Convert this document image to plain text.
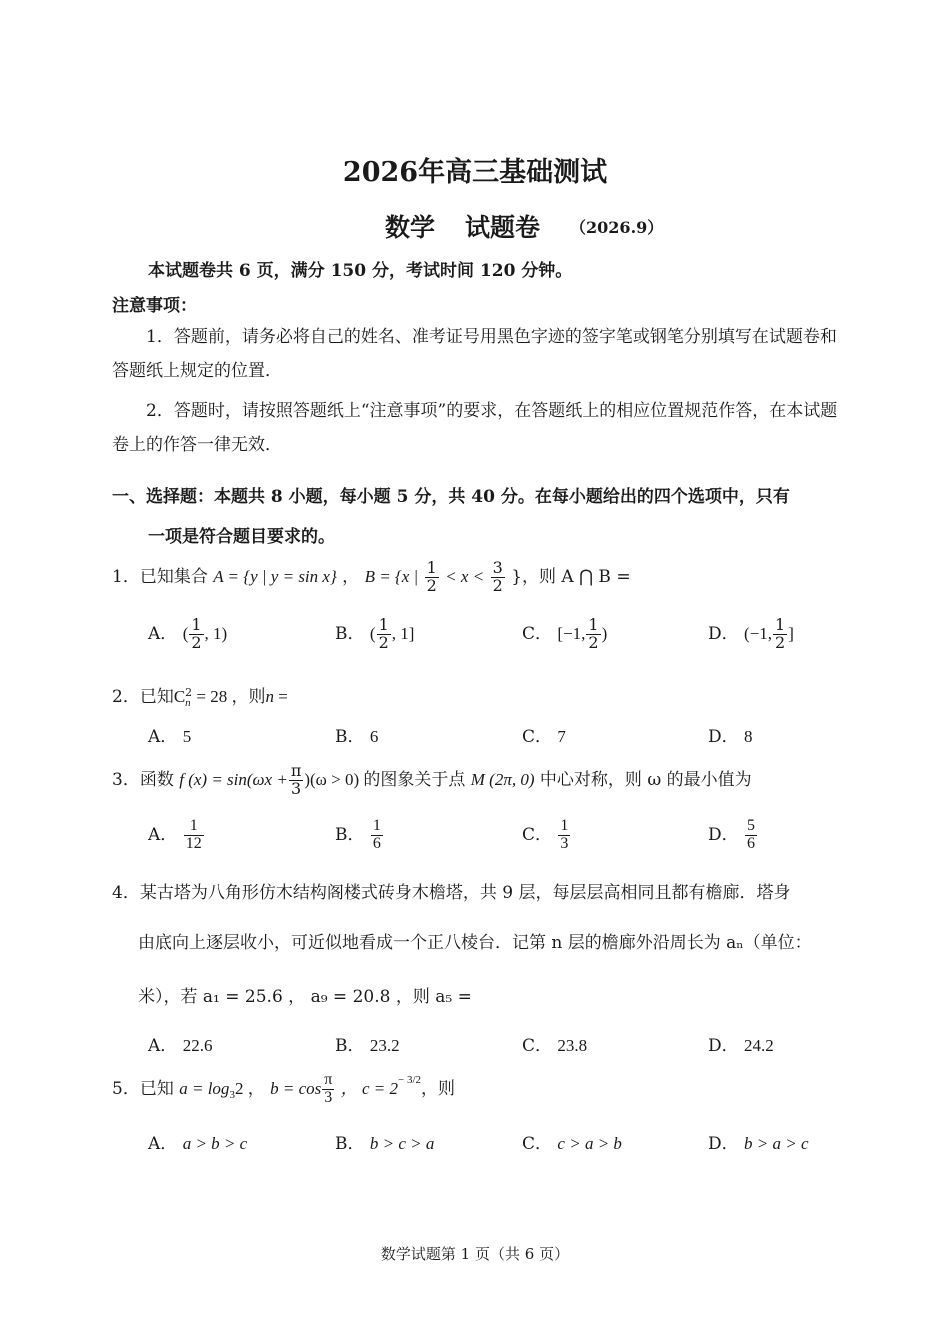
2026年高三基础测试
数学 试题卷 （2026.9）
本试题卷共 6 页，满分 150 分，考试时间 120 分钟。
注意事项：
1．答题前，请务必将自己的姓名、准考证号用黑色字迹的签字笔或钢笔分别填写在试题卷和答题纸上规定的位置．
2．答题时，请按照答题纸上“注意事项”的要求，在答题纸上的相应位置规范作答，在本试题卷上的作答一律无效．
一、选择题：本题共 8 小题，每小题 5 分，共 40 分。在每小题给出的四个选项中，只有
一项是符合题目要求的。
1．已知集合 A = {y | y = sin x} ， B = {x | $\frac{1}{2} < x < \frac{3}{2}$ }，则 A ⋂ B =
A． ( $\frac{1}{2}$ , 1)	B． ( $\frac{1}{2}$ , 1]	C． [−1, $\frac{1}{2}$ )	D． (−1, $\frac{1}{2}$ ]
2．已知C 2
n = 28 ，则n =
A． 5	B． 6	C． 7	D． 8
3．函数 f $(x) = \sin(\omega x + \frac{\pi}{3} )(\omega > 0)$ 的图象关于点 M (2π, 0) 中心对称，则 ω 的最小值为
A． $\frac{1}{12}$	B． $\frac{1}{6}$	C． $\frac{1}{3}$	D． $\frac{5}{6}$
4．某古塔为八角形仿木结构阁楼式砖身木檐塔，共 9 层，每层层高相同且都有檐廊．塔身
由底向上逐层收小，可近似地看成一个正八棱台．记第 n 层的檐廊外沿周长为 aₙ（单位：
米），若 a₁ = 25.6 ， a₉ = 20.8 ，则 a₅ =
A． 22.6	B． 23.2	C． 23.8	D． 24.2
5．已知 $a = \log_32$ ， $b = \cos \frac{\pi}{3}$ ， $c = 2^{- 3/2}$，则
A． a > b > c	B． b > c > a	C． c > a > b	D． b > a > c
数学试题第 1 页（共 6 页）
